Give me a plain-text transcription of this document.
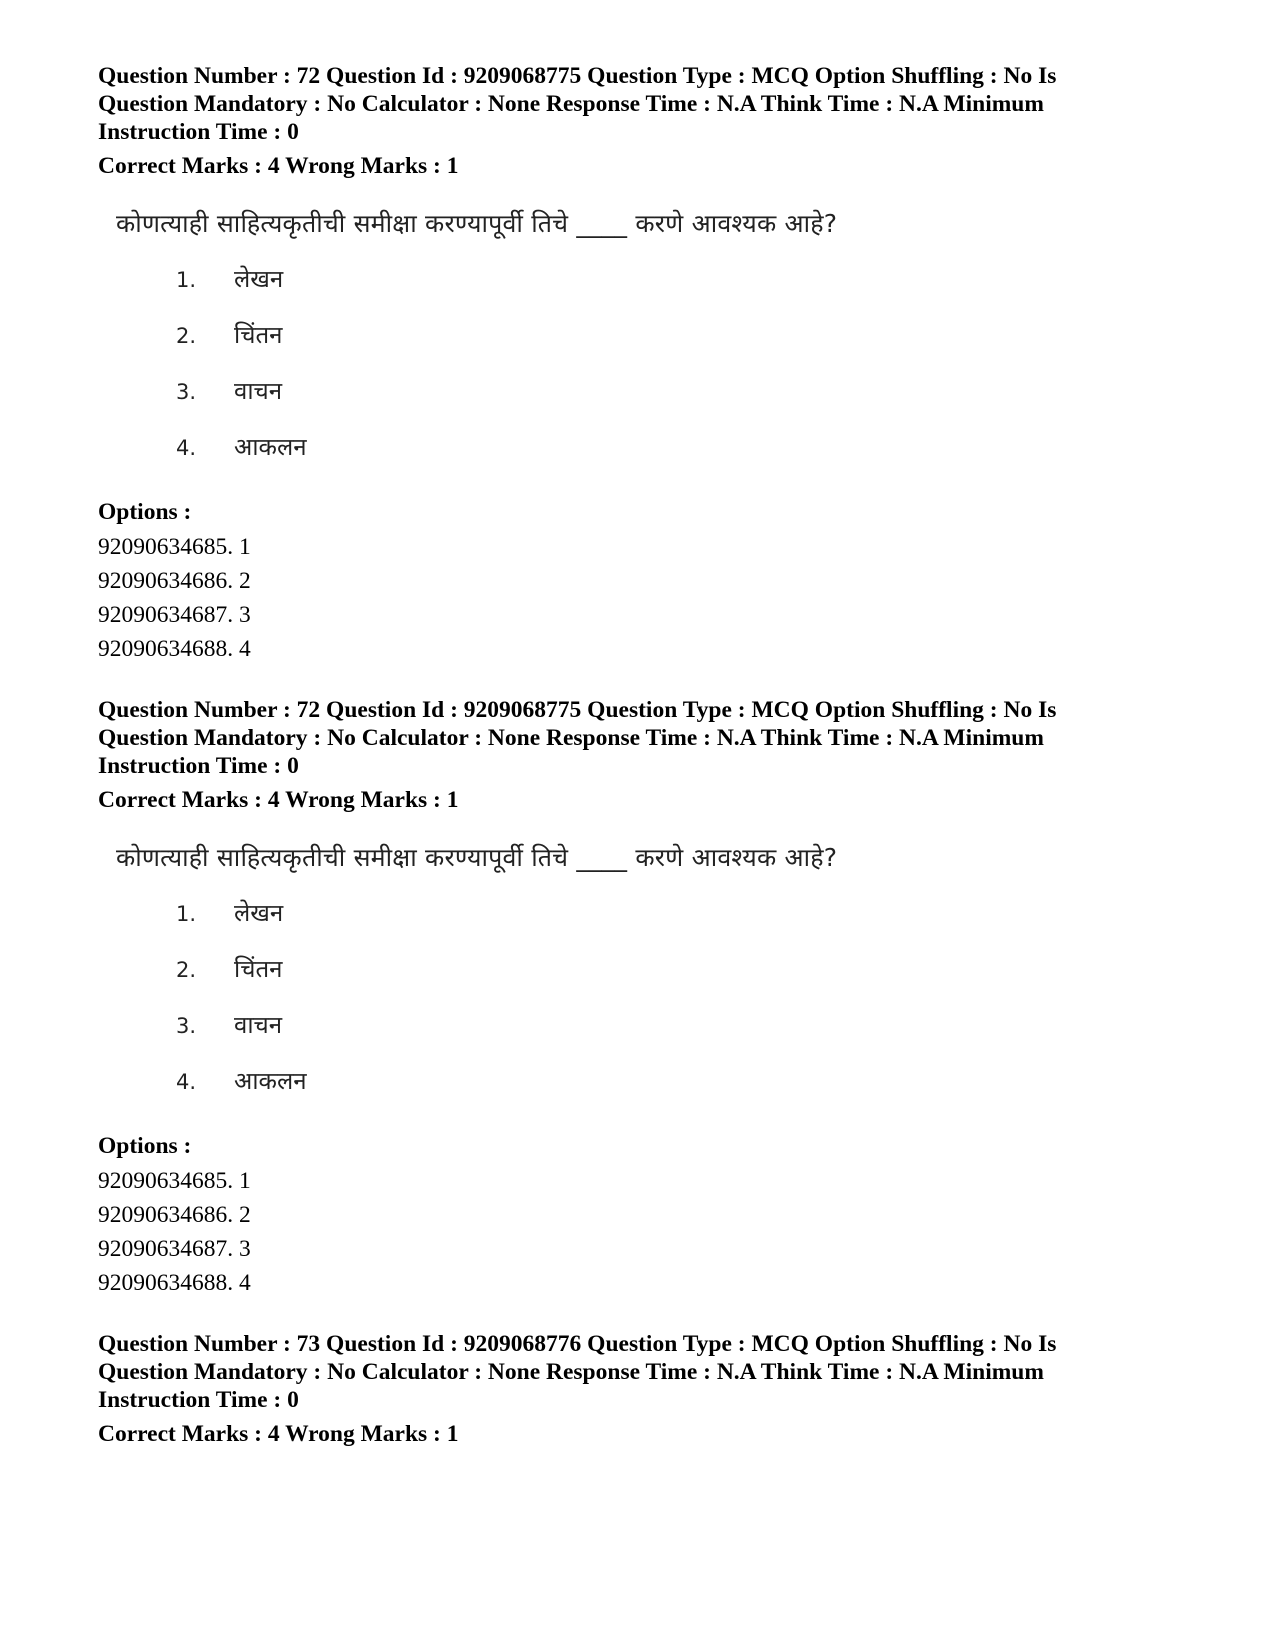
Question Number : 72 Question Id : 9209068775 Question Type : MCQ Option Shuffling : No Is
Question Mandatory : No Calculator : None Response Time : N.A Think Time : N.A Minimum
Instruction Time : 0

Correct Marks : 4 Wrong Marks : 1

कोणत्याही साहित्यकृतीची समीक्षा करण्यापूर्वी तिचे ____ करणे आवश्यक आहे?
1. लेखन
2. चिंतन
3. वाचन
4. आकलन

Options :

92090634685. 1
92090634686. 2
92090634687. 3
92090634688. 4

Question Number : 72 Question Id : 9209068775 Question Type : MCQ Option Shuffling : No Is
Question Mandatory : No Calculator : None Response Time : N.A Think Time : N.A Minimum
Instruction Time : 0

Correct Marks : 4 Wrong Marks : 1

कोणत्याही साहित्यकृतीची समीक्षा करण्यापूर्वी तिचे ____ करणे आवश्यक आहे?
1. लेखन
2. चिंतन
3. वाचन
4. आकलन

Options :

92090634685. 1
92090634686. 2
92090634687. 3
92090634688. 4

Question Number : 73 Question Id : 9209068776 Question Type : MCQ Option Shuffling : No Is
Question Mandatory : No Calculator : None Response Time : N.A Think Time : N.A Minimum
Instruction Time : 0

Correct Marks : 4 Wrong Marks : 1
